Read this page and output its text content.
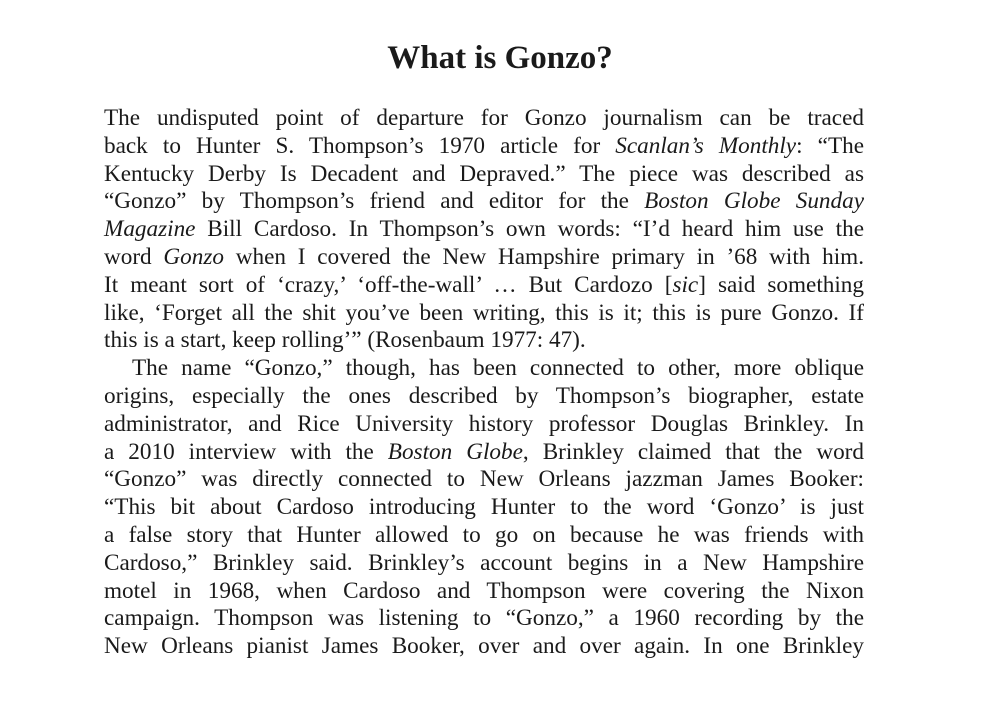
What is Gonzo?
The undisputed point of departure for Gonzo journalism can be traced
back to Hunter S. Thompson’s 1970 article for Scanlan’s Monthly: “The
Kentucky Derby Is Decadent and Depraved.” The piece was described as
“Gonzo” by Thompson’s friend and editor for the Boston Globe Sunday
Magazine Bill Cardoso. In Thompson’s own words: “I’d heard him use the
word Gonzo when I covered the New Hampshire primary in ’68 with him.
It meant sort of ‘crazy,’ ‘off-the-wall’ … But Cardozo [sic] said something
like, ‘Forget all the shit you’ve been writing, this is it; this is pure Gonzo. If
this is a start, keep rolling’” (Rosenbaum 1977: 47).
The name “Gonzo,” though, has been connected to other, more oblique
origins, especially the ones described by Thompson’s biographer, estate
administrator, and Rice University history professor Douglas Brinkley. In
a 2010 interview with the Boston Globe, Brinkley claimed that the word
“Gonzo” was directly connected to New Orleans jazzman James Booker:
“This bit about Cardoso introducing Hunter to the word ‘Gonzo’ is just
a false story that Hunter allowed to go on because he was friends with
Cardoso,” Brinkley said. Brinkley’s account begins in a New Hampshire
motel in 1968, when Cardoso and Thompson were covering the Nixon
campaign. Thompson was listening to “Gonzo,” a 1960 recording by the
New Orleans pianist James Booker, over and over again. In one Brinkley
